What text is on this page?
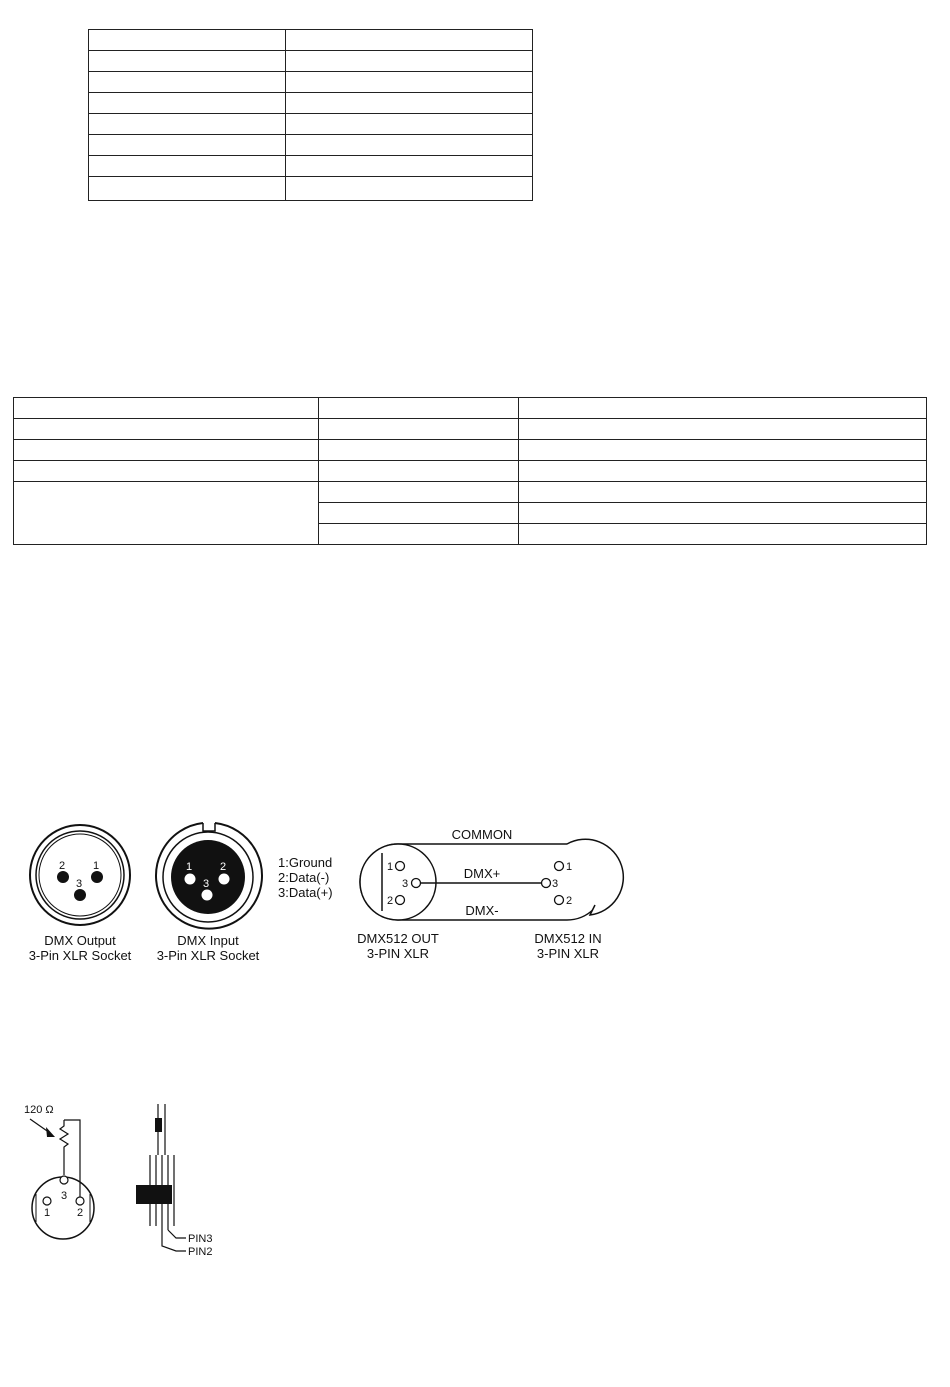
2	1
3
DMX Output
3-Pin XLR Socket
1	2
3
DMX Input
3-Pin XLR Socket
1:Ground
2:Data(-)
3:Data(+)
1
3
2
1
3
2
COMMON
DMX+
DMX-
DMX512 OUT
3-PIN XLR
DMX512 IN
3-PIN XLR
120 Ω
3
1 2
PIN3
PIN2
